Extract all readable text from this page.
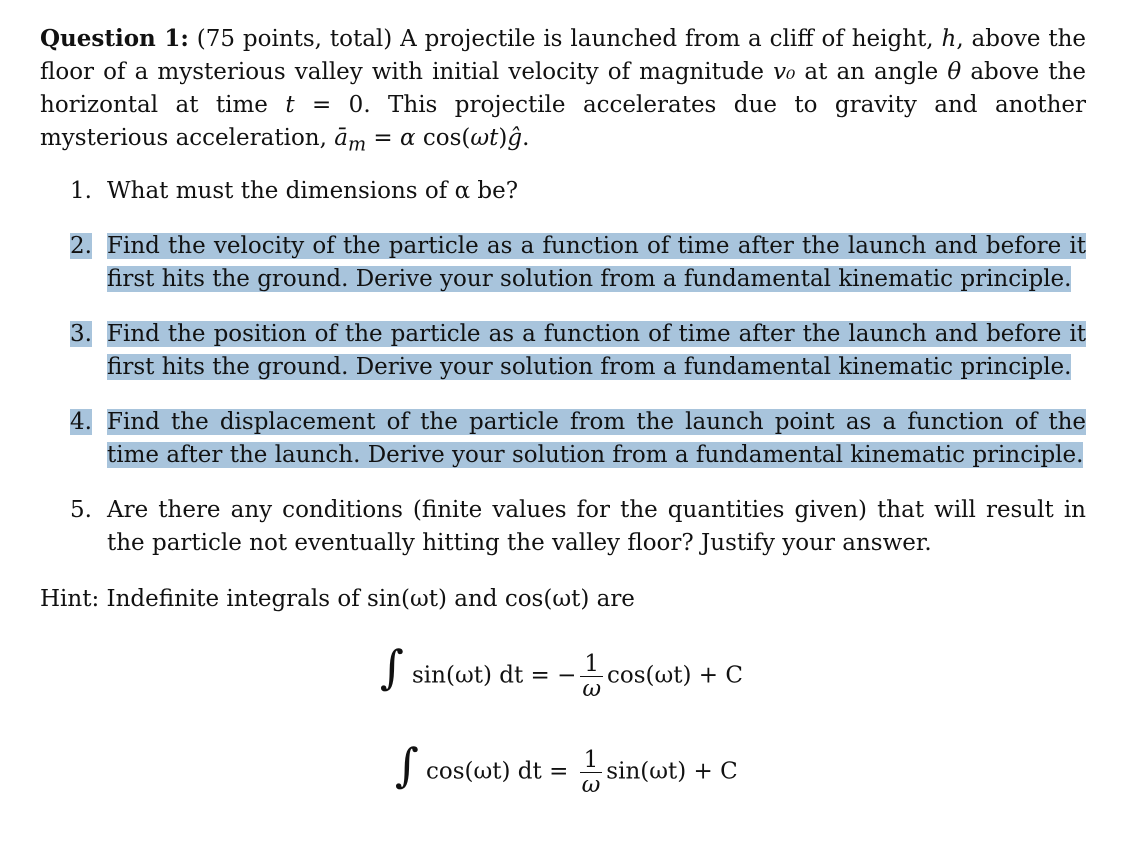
Question 1: (75 points, total) A projectile is launched from a cliff of height, h, above the floor of a mysterious valley with initial velocity of magnitude v₀ at an angle θ above the horizontal at time t = 0. This projectile accelerates due to gravity and another mysterious acceleration, $ā_m = \alpha$ cos(ωt)ĝ.
1. What must the dimensions of α be?
2. Find the velocity of the particle as a function of time after the launch and before it first hits the ground. Derive your solution from a fundamental kinematic principle.
3. Find the position of the particle as a function of time after the launch and before it first hits the ground. Derive your solution from a fundamental kinematic principle.
4. Find the displacement of the particle from the launch point as a function of the time after the launch. Derive your solution from a fundamental kinematic principle.
5. Are there any conditions (finite values for the quantities given) that will result in the particle not eventually hitting the valley floor? Justify your answer.
Hint: Indefinite integrals of sin(ωt) and cos(ωt) are
∫ sin(ωt) dt = − $\frac{1}{\omega} \cos(\omega t) + C$
∫ cos(ωt) dt = $\frac{1}{\omega} \sin(\omega t) + C$
